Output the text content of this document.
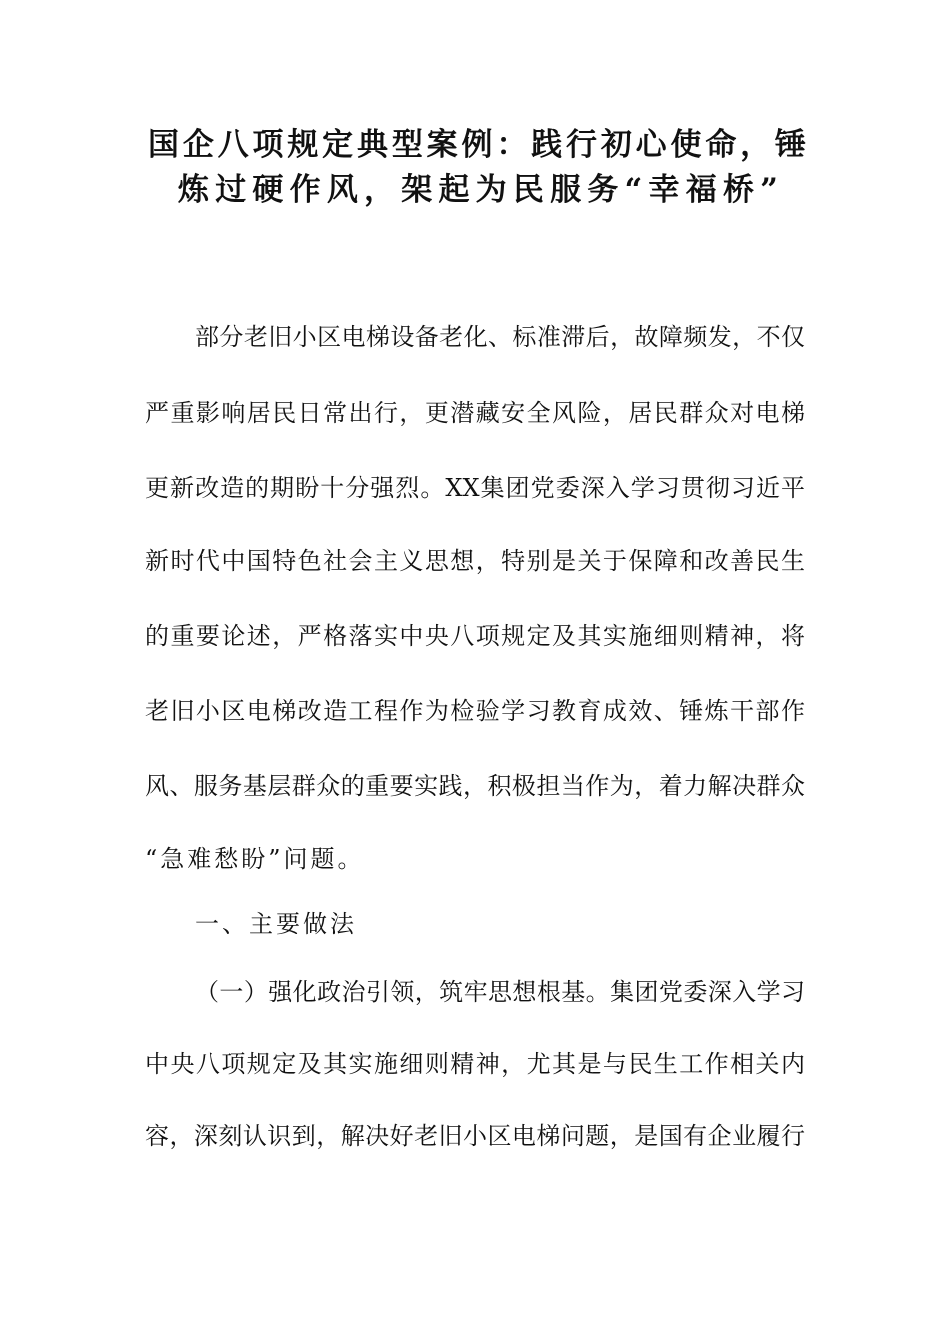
国企八项规定典型案例：践行初心使命，锤
炼过硬作风，架起为民服务“幸福桥”
部分老旧小区电梯设备老化、标准滞后，故障频发，不仅
严重影响居民日常出行，更潜藏安全风险，居民群众对电梯
更新改造的期盼十分强烈。XX集团党委深入学习贯彻习近平
新时代中国特色社会主义思想，特别是关于保障和改善民生
的重要论述，严格落实中央八项规定及其实施细则精神，将
老旧小区电梯改造工程作为检验学习教育成效、锤炼干部作
风、服务基层群众的重要实践，积极担当作为，着力解决群众
“急难愁盼”问题。
一、主要做法
（一）强化政治引领，筑牢思想根基。集团党委深入学习
中央八项规定及其实施细则精神，尤其是与民生工作相关内
容，深刻认识到，解决好老旧小区电梯问题，是国有企业履行
